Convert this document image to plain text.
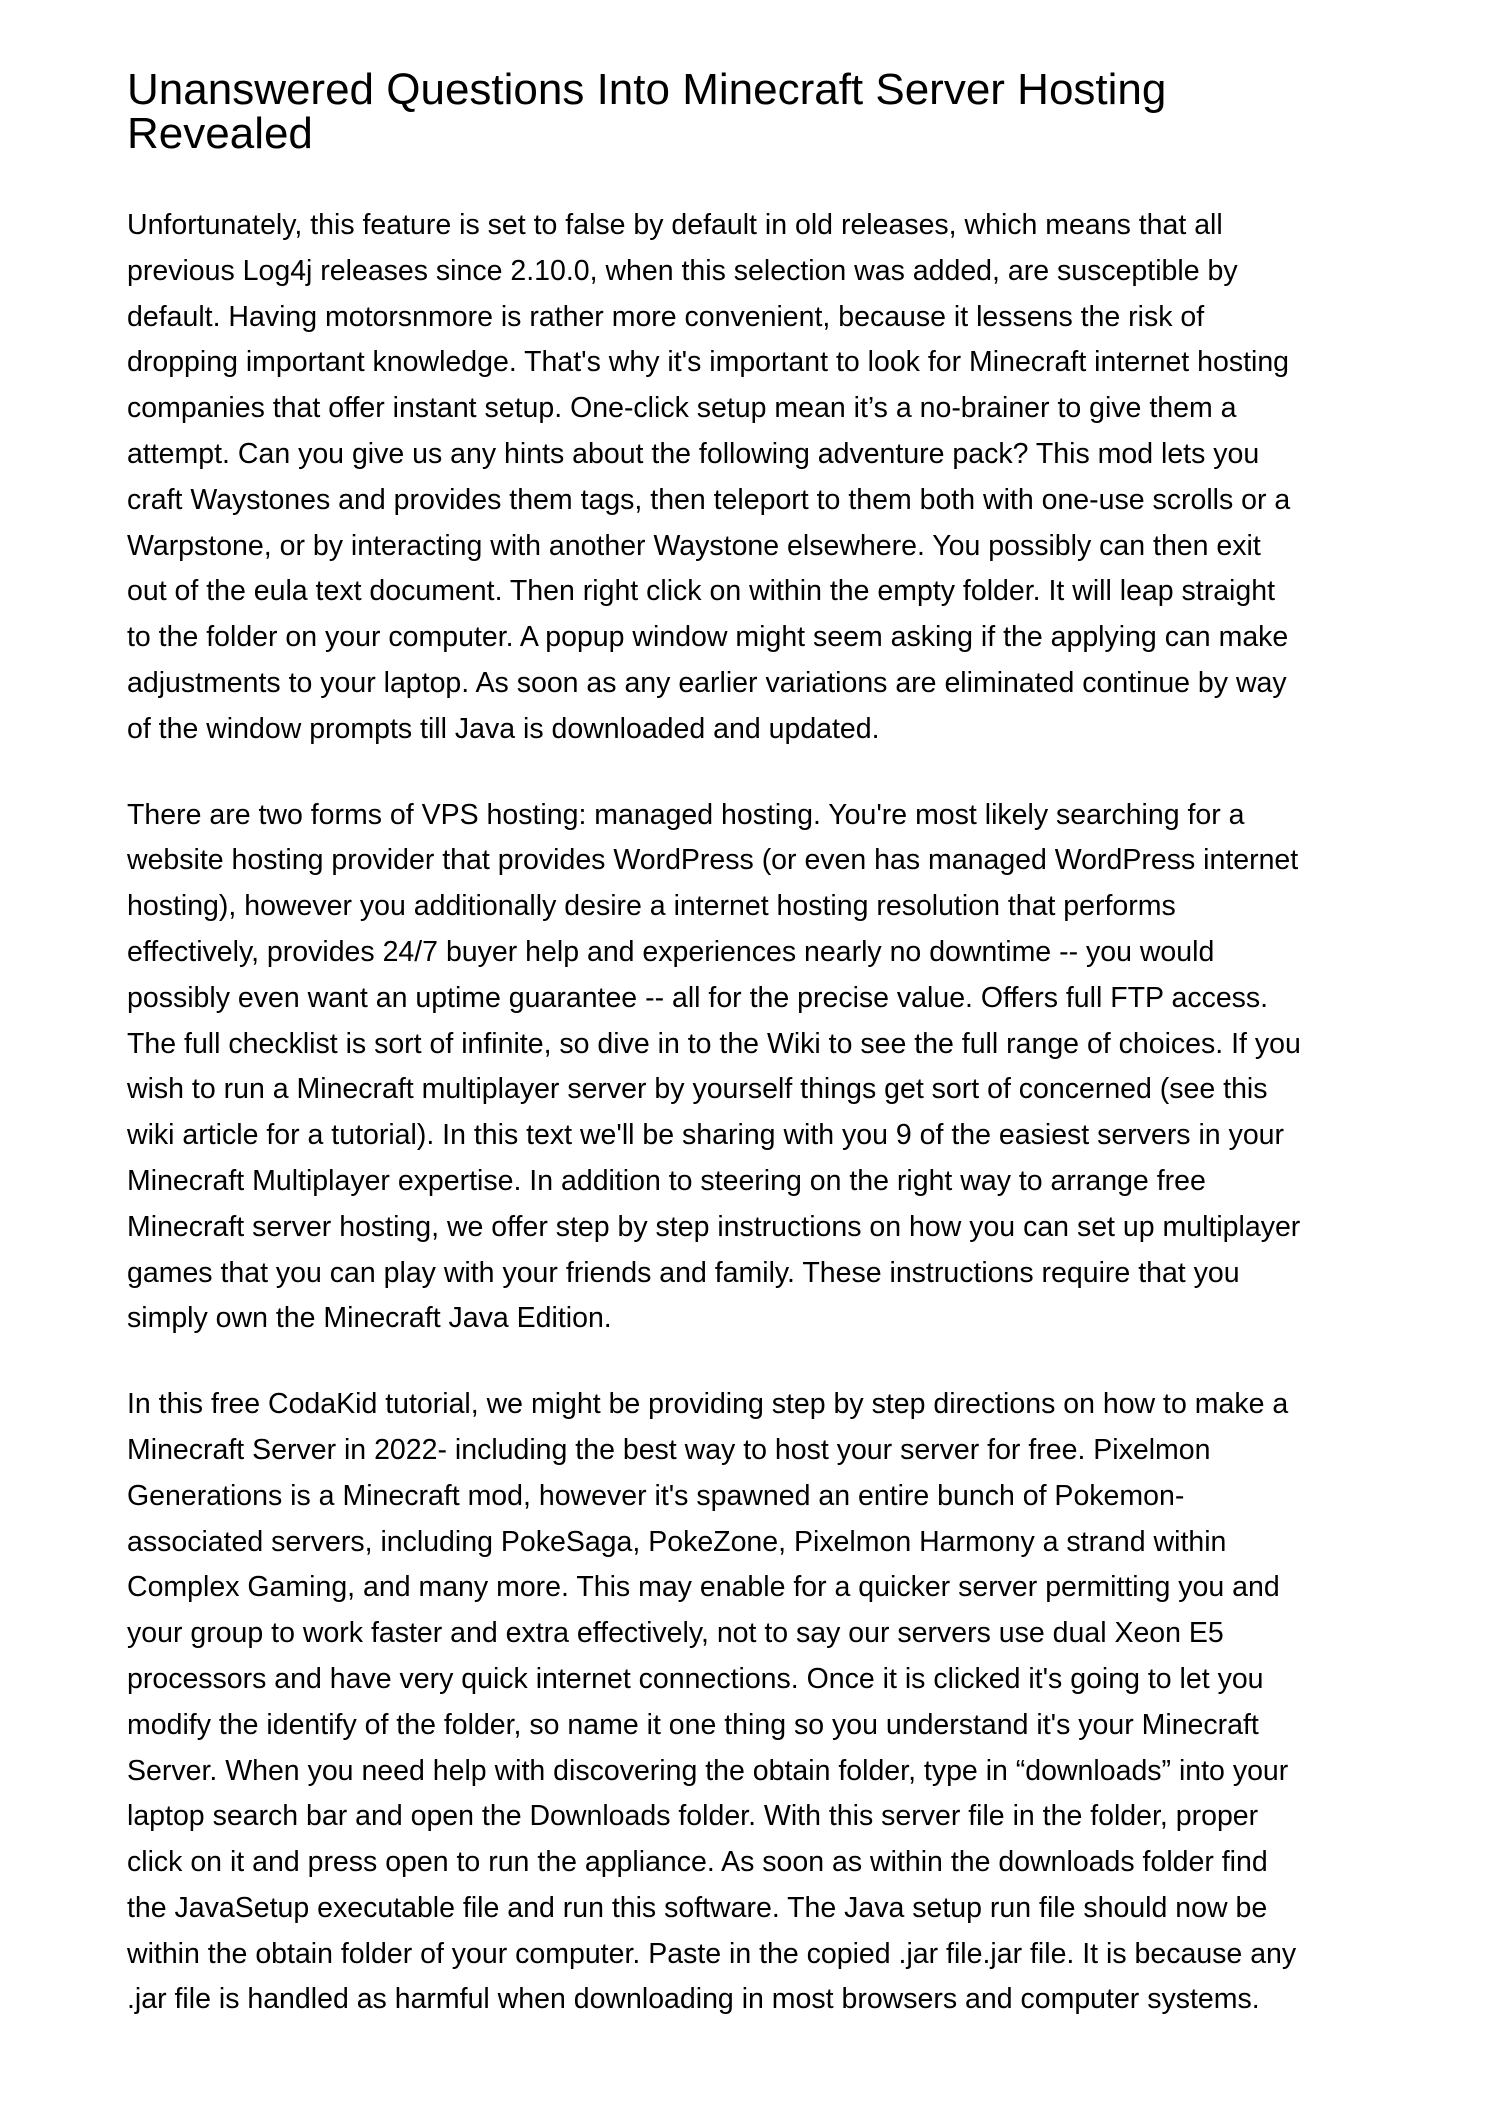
Unanswered Questions Into Minecraft Server Hosting
Revealed

Unfortunately, this feature is set to false by default in old releases, which means that all
previous Log4j releases since 2.10.0, when this selection was added, are susceptible by
default. Having motorsnmore is rather more convenient, because it lessens the risk of
dropping important knowledge. That's why it's important to look for Minecraft internet hosting
companies that offer instant setup. One-click setup mean it’s a no-brainer to give them a
attempt. Can you give us any hints about the following adventure pack? This mod lets you
craft Waystones and provides them tags, then teleport to them both with one-use scrolls or a
Warpstone, or by interacting with another Waystone elsewhere. You possibly can then exit
out of the eula text document. Then right click on within the empty folder. It will leap straight
to the folder on your computer. A popup window might seem asking if the applying can make
adjustments to your laptop. As soon as any earlier variations are eliminated continue by way
of the window prompts till Java is downloaded and updated.

There are two forms of VPS hosting: managed hosting. You're most likely searching for a
website hosting provider that provides WordPress (or even has managed WordPress internet
hosting), however you additionally desire a internet hosting resolution that performs
effectively, provides 24/7 buyer help and experiences nearly no downtime -- you would
possibly even want an uptime guarantee -- all for the precise value. Offers full FTP access.
The full checklist is sort of infinite, so dive in to the Wiki to see the full range of choices. If you
wish to run a Minecraft multiplayer server by yourself things get sort of concerned (see this
wiki article for a tutorial). In this text we'll be sharing with you 9 of the easiest servers in your
Minecraft Multiplayer expertise. In addition to steering on the right way to arrange free
Minecraft server hosting, we offer step by step instructions on how you can set up multiplayer
games that you can play with your friends and family. These instructions require that you
simply own the Minecraft Java Edition.

In this free CodaKid tutorial, we might be providing step by step directions on how to make a
Minecraft Server in 2022- including the best way to host your server for free. Pixelmon
Generations is a Minecraft mod, however it's spawned an entire bunch of Pokemon-
associated servers, including PokeSaga, PokeZone, Pixelmon Harmony a strand within
Complex Gaming, and many more. This may enable for a quicker server permitting you and
your group to work faster and extra effectively, not to say our servers use dual Xeon E5
processors and have very quick internet connections. Once it is clicked it's going to let you
modify the identify of the folder, so name it one thing so you understand it's your Minecraft
Server. When you need help with discovering the obtain folder, type in “downloads” into your
laptop search bar and open the Downloads folder. With this server file in the folder, proper
click on it and press open to run the appliance. As soon as within the downloads folder find
the JavaSetup executable file and run this software. The Java setup run file should now be
within the obtain folder of your computer. Paste in the copied .jar file.jar file. It is because any
.jar file is handled as harmful when downloading in most browsers and computer systems.
